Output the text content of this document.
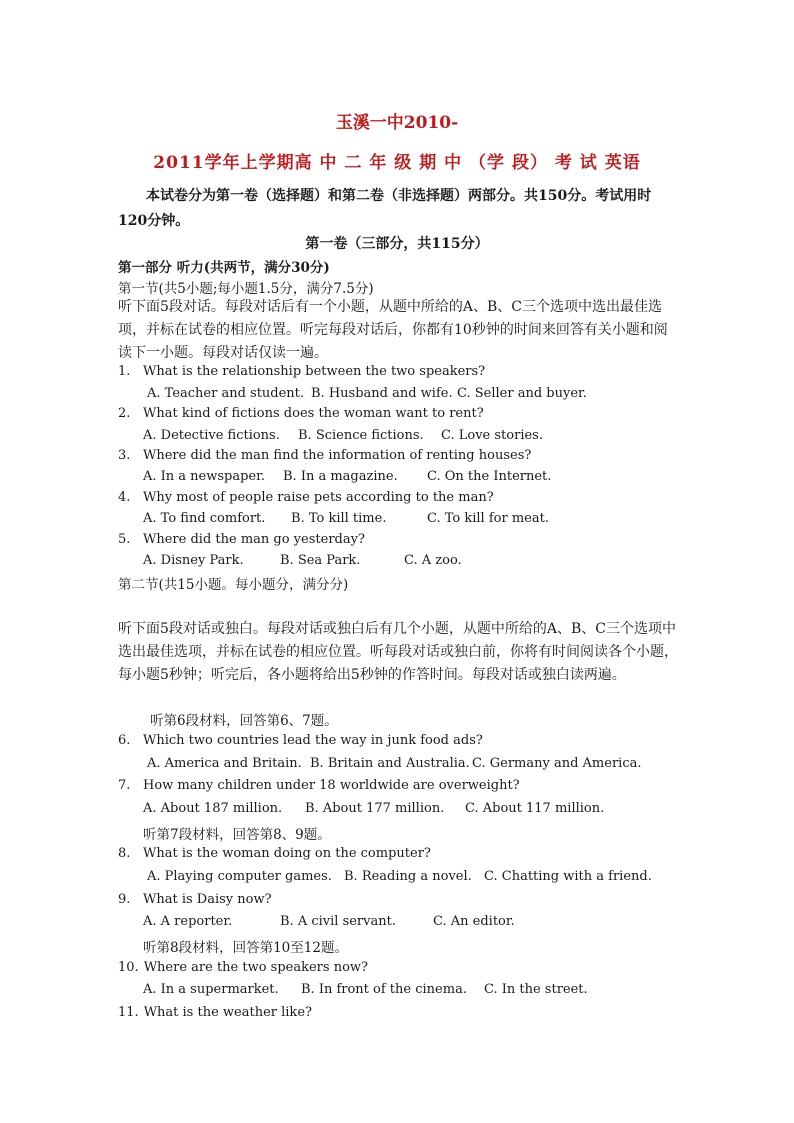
玉溪一中2010-
2011学年上学期高 中 二 年 级 期 中 （学 段） 考 试 英语
本试卷分为第一卷（选择题）和第二卷（非选择题）两部分。共150分。考试用时120分钟。
第一卷（三部分，共115分）
第一部分 听力(共两节，满分30分)
第一节(共5小题;每小题1.5分，满分7.5分)
听下面5段对话。每段对话后有一个小题，从题中所给的A、B、C三个选项中选出最佳选项，并标在试卷的相应位置。听完每段对话后，你都有10秒钟的时间来回答有关小题和阅读下一小题。每段对话仅读一遍。
1. What is the relationship between the two speakers?
A. Teacher and student. B. Husband and wife. C. Seller and buyer.
2. What kind of fictions does the woman want to rent?
A. Detective fictions. B. Science fictions. C. Love stories.
3. Where did the man find the information of renting houses?
A. In a newspaper. B. In a magazine. C. On the Internet.
4. Why most of people raise pets according to the man?
A. To find comfort. B. To kill time.	C. To kill for meat.
5. Where did the man go yesterday?
A. Disney Park.	B. Sea Park.	C. A zoo.
第二节(共15小题。每小题分，满分分)
听下面5段对话或独白。每段对话或独白后有几个小题，从题中所给的A、B、C三个选项中选出最佳选项，并标在试卷的相应位置。听每段对话或独白前，你将有时间阅读各个小题，每小题5秒钟；听完后，各小题将给出5秒钟的作答时间。每段对话或独白读两遍。
听第6段材料，回答第6、7题。
6. Which two countries lead the way in junk food ads?
A. America and Britain. B. Britain and Australia. C. Germany and America.
7. How many children under 18 worldwide are overweight?
A. About 187 million. B. About 177 million. C. About 117 million.
听第7段材料，回答第8、9题。
8. What is the woman doing on the computer?
A. Playing computer games. B. Reading a novel. C. Chatting with a friend.
9. What is Daisy now?
A. A reporter.	B. A civil servant.	C. An editor.
听第8段材料，回答第10至12题。
10. Where are the two speakers now?
A. In a supermarket. B. In front of the cinema. C. In the street.
11. What is the weather like?
